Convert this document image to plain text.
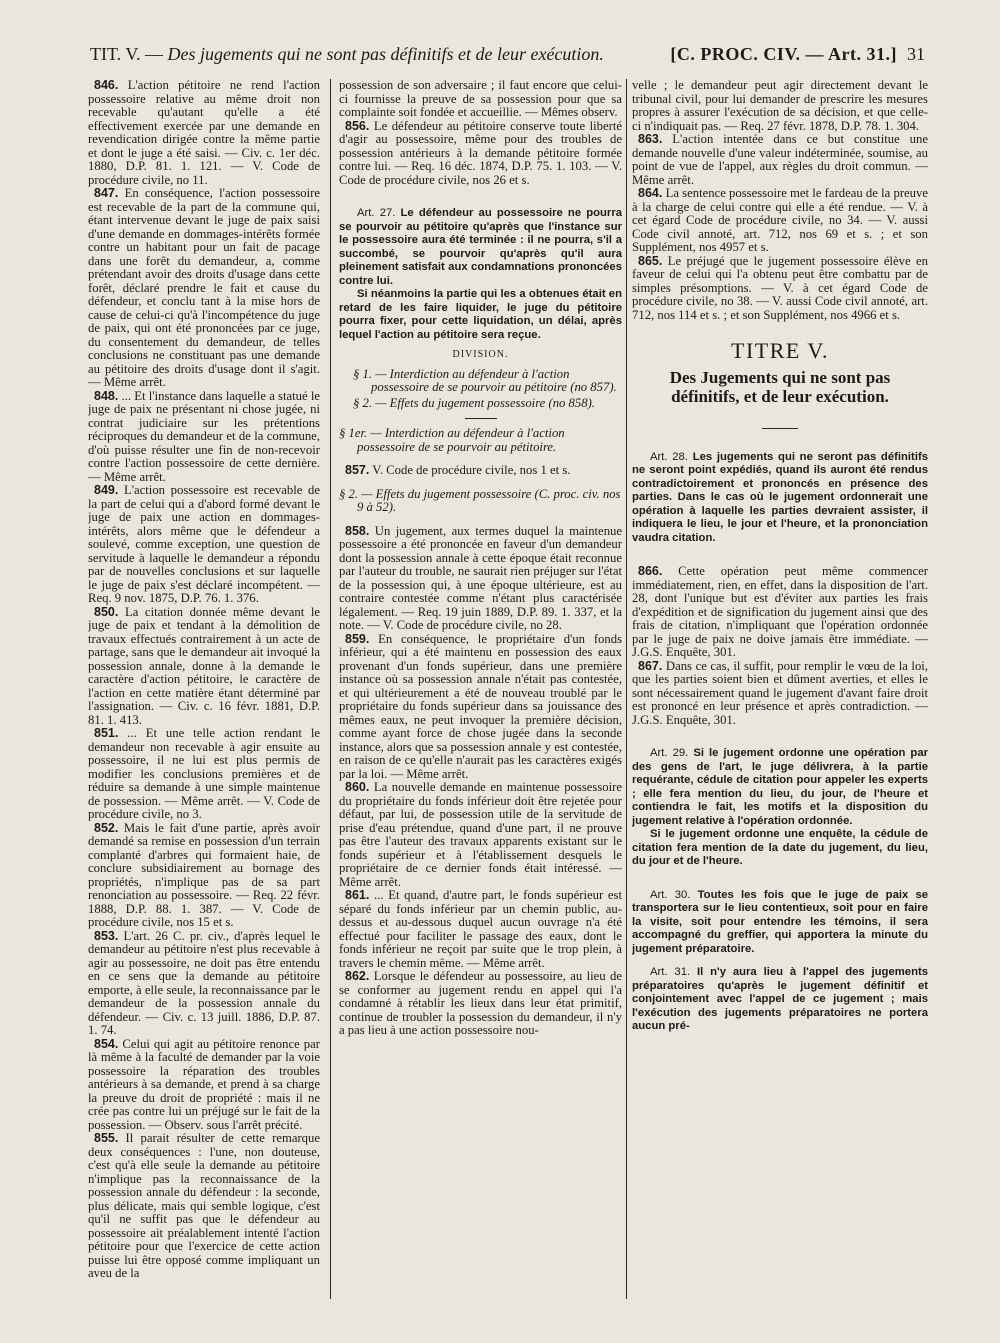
TIT. V. — Des jugements qui ne sont pas définitifs et de leur exécution.	[C. PROC. CIV. — Art. 31.] 31

846. L'action pétitoire ne rend l'action possessoire relative au même droit non recevable qu'autant qu'elle a été effectivement exercée par une demande en revendication dirigée contre la même partie et dont le juge a été saisi. — Civ. c. 1er déc. 1880, D.P. 81. 1. 121. — V. Code de procédure civile, no 11.

847. En conséquence, l'action possessoire est recevable de la part de la commune qui, étant intervenue devant le juge de paix saisi d'une demande en dommages-intérêts formée contre un habitant pour un fait de pacage dans une forêt du demandeur, a, comme prétendant avoir des droits d'usage dans cette forêt, déclaré prendre le fait et cause du défendeur, et conclu tant à la mise hors de cause de celui-ci qu'à l'incompétence du juge de paix, qui ont été prononcées par ce juge, du consentement du demandeur, de telles conclusions ne constituant pas une demande au pétitoire des droits d'usage dont il s'agit. — Même arrêt.

848. ... Et l'instance dans laquelle a statué le juge de paix ne présentant ni chose jugée, ni contrat judiciaire sur les prétentions réciproques du demandeur et de la commune, d'où puisse résulter une fin de non-recevoir contre l'action possessoire de cette dernière. — Même arrêt.

849. L'action possessoire est recevable de la part de celui qui a d'abord formé devant le juge de paix une action en dommages-intérêts, alors même que le défendeur a soulevé, comme exception, une question de servitude à laquelle le demandeur a répondu par de nouvelles conclusions et sur laquelle le juge de paix s'est déclaré incompétent. — Req. 9 nov. 1875, D.P. 76. 1. 376.

850. La citation donnée même devant le juge de paix et tendant à la démolition de travaux effectués contrairement à un acte de partage, sans que le demandeur ait invoqué la possession annale, donne à la demande le caractère d'action pétitoire, le caractère de l'action en cette matière étant déterminé par l'assignation. — Civ. c. 16 févr. 1881, D.P. 81. 1. 413.

851. ... Et une telle action rendant le demandeur non recevable à agir ensuite au possessoire, il ne lui est plus permis de modifier les conclusions premières et de réduire sa demande à une simple maintenue de possession. — Même arrêt. — V. Code de procédure civile, no 3.

852. Mais le fait d'une partie, après avoir demandé sa remise en possession d'un terrain complanté d'arbres qui formaient haie, de conclure subsidiairement au bornage des propriétés, n'implique pas de sa part renonciation au possessoire. — Req. 22 févr. 1888, D.P. 88. 1. 387. — V. Code de procédure civile, nos 15 et s.

853. L'art. 26 C. pr. civ., d'après lequel le demandeur au pétitoire n'est plus recevable à agir au possessoire, ne doit pas être entendu en ce sens que la demande au pétitoire emporte, à elle seule, la reconnaissance par le demandeur de la possession annale du défendeur. — Civ. c. 13 juill. 1886, D.P. 87. 1. 74.

854. Celui qui agit au pétitoire renonce par là même à la faculté de demander par la voie possessoire la réparation des troubles antérieurs à sa demande, et prend à sa charge la preuve du droit de propriété : mais il ne crée pas contre lui un préjugé sur le fait de la possession. — Observ. sous l'arrêt précité.

855. Il parait résulter de cette remarque deux conséquences : l'une, non douteuse, c'est qu'à elle seule la demande au pétitoire n'implique pas la reconnaissance de la possession annale du défendeur : la seconde, plus délicate, mais qui semble logique, c'est qu'il ne suffit pas que le défendeur au possessoire ait préalablement intenté l'action pétitoire pour que l'exercice de cette action puisse lui être opposé comme impliquant un aveu de la

possession de son adversaire ; il faut encore que celui-ci fournisse la preuve de sa possession pour que sa complainte soit fondée et accueillie. — Mêmes observ.

856. Le défendeur au pétitoire conserve toute liberté d'agir au possessoire, même pour des troubles de possession antérieurs à la demande pétitoire formée contre lui. — Req. 16 déc. 1874, D.P. 75. 1. 103. — V. Code de procédure civile, nos 26 et s.

Art. 27. Le défendeur au possessoire ne pourra se pourvoir au pétitoire qu'après que l'instance sur le possessoire aura été terminée : il ne pourra, s'il a succombé, se pourvoir qu'après qu'il aura pleinement satisfait aux condamnations prononcées contre lui.

Si néanmoins la partie qui les a obtenues était en retard de les faire liquider, le juge du pétitoire pourra fixer, pour cette liquidation, un délai, après lequel l'action au pétitoire sera reçue.

DIVISION.
§ 1. — Interdiction au défendeur à l'action possessoire de se pourvoir au pétitoire (no 857).
§ 2. — Effets du jugement possessoire (no 858).
§ 1er. — Interdiction au défendeur à l'action possessoire de se pourvoir au pétitoire.

857. V. Code de procédure civile, nos 1 et s.

§ 2. — Effets du jugement possessoire (C. proc. civ. nos 9 à 52).

858. Un jugement, aux termes duquel la maintenue possessoire a été prononcée en faveur d'un demandeur dont la possession annale à cette époque était reconnue par l'auteur du trouble, ne saurait rien préjuger sur l'état de la possession qui, à une époque ultérieure, est au contraire contestée comme n'étant plus caractérisée légalement. — Req. 19 juin 1889, D.P. 89. 1. 337, et la note. — V. Code de procédure civile, no 28.

859. En conséquence, le propriétaire d'un fonds inférieur, qui a été maintenu en possession des eaux provenant d'un fonds supérieur, dans une première instance où sa possession annale n'était pas contestée, et qui ultérieurement a été de nouveau troublé par le propriétaire du fonds supérieur dans sa jouissance des mêmes eaux, ne peut invoquer la première décision, comme ayant force de chose jugée dans la seconde instance, alors que sa possession annale y est contestée, en raison de ce qu'elle n'aurait pas les caractères exigés par la loi. — Même arrêt.

860. La nouvelle demande en maintenue possessoire du propriétaire du fonds inférieur doit être rejetée pour défaut, par lui, de possession utile de la servitude de prise d'eau prétendue, quand d'une part, il ne prouve pas être l'auteur des travaux apparents existant sur le fonds supérieur et à l'établissement desquels le propriétaire de ce dernier fonds était intéressé. — Même arrêt.

861. ... Et quand, d'autre part, le fonds supérieur est séparé du fonds inférieur par un chemin public, au-dessus et au-dessous duquel aucun ouvrage n'a été effectué pour faciliter le passage des eaux, dont le fonds inférieur ne reçoit par suite que le trop plein, à travers le chemin même. — Même arrêt.

862. Lorsque le défendeur au possessoire, au lieu de se conformer au jugement rendu en appel qui l'a condamné à rétablir les lieux dans leur état primitif, continue de troubler la possession du demandeur, il n'y a pas lieu à une action possessoire nou-

velle ; le demandeur peut agir directement devant le tribunal civil, pour lui demander de prescrire les mesures propres à assurer l'exécution de sa décision, et que celle-ci n'indiquait pas. — Req. 27 févr. 1878, D.P. 78. 1. 304.

863. L'action intentée dans ce but constitue une demande nouvelle d'une valeur indéterminée, soumise, au point de vue de l'appel, aux règles du droit commun. — Même arrêt.

864. La sentence possessoire met le fardeau de la preuve à la charge de celui contre qui elle a été rendue. — V. à cet égard Code de procédure civile, no 34. — V. aussi Code civil annoté, art. 712, nos 69 et s. ; et son Supplément, nos 4957 et s.

865. Le préjugé que le jugement possessoire élève en faveur de celui qui l'a obtenu peut être combattu par de simples présomptions. — V. à cet égard Code de procédure civile, no 38. — V. aussi Code civil annoté, art. 712, nos 114 et s. ; et son Supplément, nos 4966 et s.

TITRE V.
Des Jugements qui ne sont pas définitifs, et de leur exécution.

Art. 28. Les jugements qui ne seront pas définitifs ne seront point expédiés, quand ils auront été rendus contradictoirement et prononcés en présence des parties. Dans le cas où le jugement ordonnerait une opération à laquelle les parties devraient assister, il indiquera le lieu, le jour et l'heure, et la prononciation vaudra citation.

866. Cette opération peut même commencer immédiatement, rien, en effet, dans la disposition de l'art. 28, dont l'unique but est d'éviter aux parties les frais d'expédition et de signification du jugement ainsi que des frais de citation, n'impliquant que l'opération ordonnée par le juge de paix ne doive jamais être immédiate. — J.G.S. Enquête, 301.

867. Dans ce cas, il suffit, pour remplir le vœu de la loi, que les parties soient bien et dûment averties, et elles le sont nécessairement quand le jugement d'avant faire droit est prononcé en leur présence et après contradiction. — J.G.S. Enquête, 301.

Art. 29. Si le jugement ordonne une opération par des gens de l'art, le juge délivrera, à la partie requérante, cédule de citation pour appeler les experts ; elle fera mention du lieu, du jour, de l'heure et contiendra le fait, les motifs et la disposition du jugement relative à l'opération ordonnée.

Si le jugement ordonne une enquête, la cédule de citation fera mention de la date du jugement, du lieu, du jour et de l'heure.

Art. 30. Toutes les fois que le juge de paix se transportera sur le lieu contentieux, soit pour en faire la visite, soit pour entendre les témoins, il sera accompagné du greffier, qui apportera la minute du jugement préparatoire.

Art. 31. Il n'y aura lieu à l'appel des jugements préparatoires qu'après le jugement définitif et conjointement avec l'appel de ce jugement ; mais l'exécution des jugements préparatoires ne portera aucun pré-
